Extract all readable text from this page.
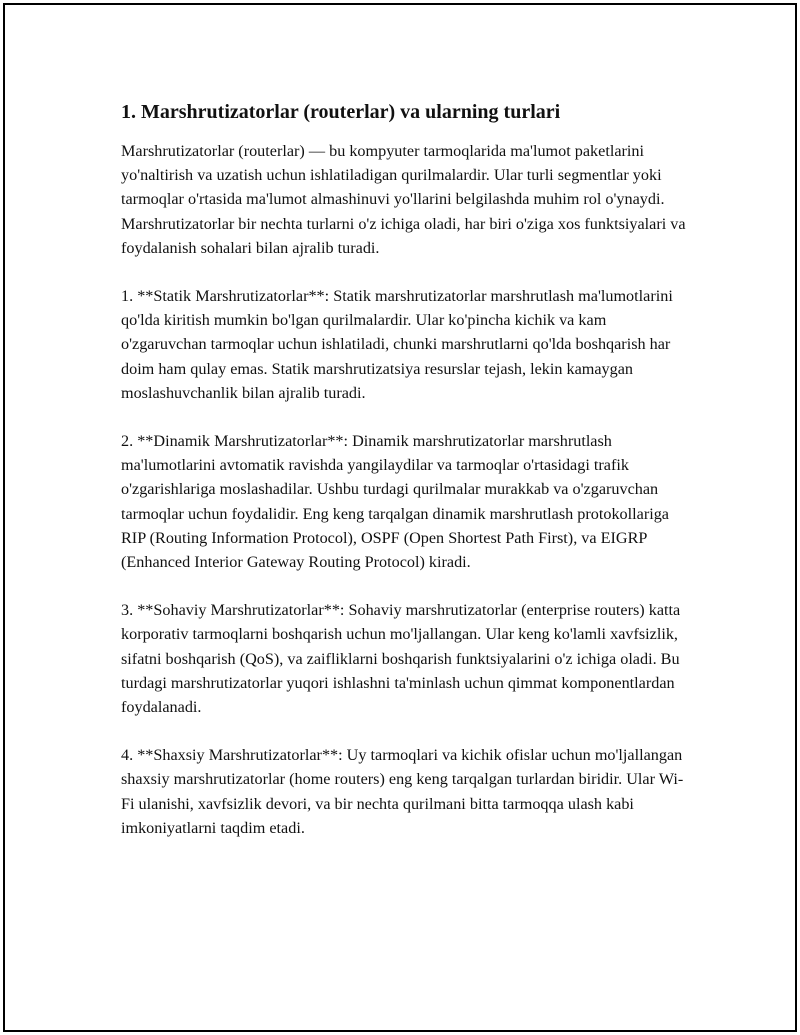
1. Marshrutizatorlar (routerlar) va ularning turlari

Marshrutizatorlar (routerlar) — bu kompyuter tarmoqlarida ma'lumot paketlarini yo'naltirish va uzatish uchun ishlatiladigan qurilmalardir. Ular turli segmentlar yoki tarmoqlar o'rtasida ma'lumot almashinuvi yo'llarini belgilashda muhim rol o'ynaydi. Marshrutizatorlar bir nechta turlarni o'z ichiga oladi, har biri o'ziga xos funktsiyalari va foydalanish sohalari bilan ajralib turadi.

1. **Statik Marshrutizatorlar**: Statik marshrutizatorlar marshrutlash ma'lumotlarini qo'lda kiritish mumkin bo'lgan qurilmalardir. Ular ko'pincha kichik va kam o'zgaruvchan tarmoqlar uchun ishlatiladi, chunki marshrutlarni qo'lda boshqarish har doim ham qulay emas. Statik marshrutizatsiya resurslar tejash, lekin kamaygan moslashuvchanlik bilan ajralib turadi.

2. **Dinamik Marshrutizatorlar**: Dinamik marshrutizatorlar marshrutlash ma'lumotlarini avtomatik ravishda yangilaydilar va tarmoqlar o'rtasidagi trafik o'zgarishlariga moslashadilar. Ushbu turdagi qurilmalar murakkab va o'zgaruvchan tarmoqlar uchun foydalidir. Eng keng tarqalgan dinamik marshrutlash protokollariga RIP (Routing Information Protocol), OSPF (Open Shortest Path First), va EIGRP (Enhanced Interior Gateway Routing Protocol) kiradi.

3. **Sohaviy Marshrutizatorlar**: Sohaviy marshrutizatorlar (enterprise routers) katta korporativ tarmoqlarni boshqarish uchun mo'ljallangan. Ular keng ko'lamli xavfsizlik, sifatni boshqarish (QoS), va zaifliklarni boshqarish funktsiyalarini o'z ichiga oladi. Bu turdagi marshrutizatorlar yuqori ishlashni ta'minlash uchun qimmat komponentlardan foydalanadi.

4. **Shaxsiy Marshrutizatorlar**: Uy tarmoqlari va kichik ofislar uchun mo'ljallangan shaxsiy marshrutizatorlar (home routers) eng keng tarqalgan turlardan biridir. Ular Wi-Fi ulanishi, xavfsizlik devori, va bir nechta qurilmani bitta tarmoqqa ulash kabi imkoniyatlarni taqdim etadi.
